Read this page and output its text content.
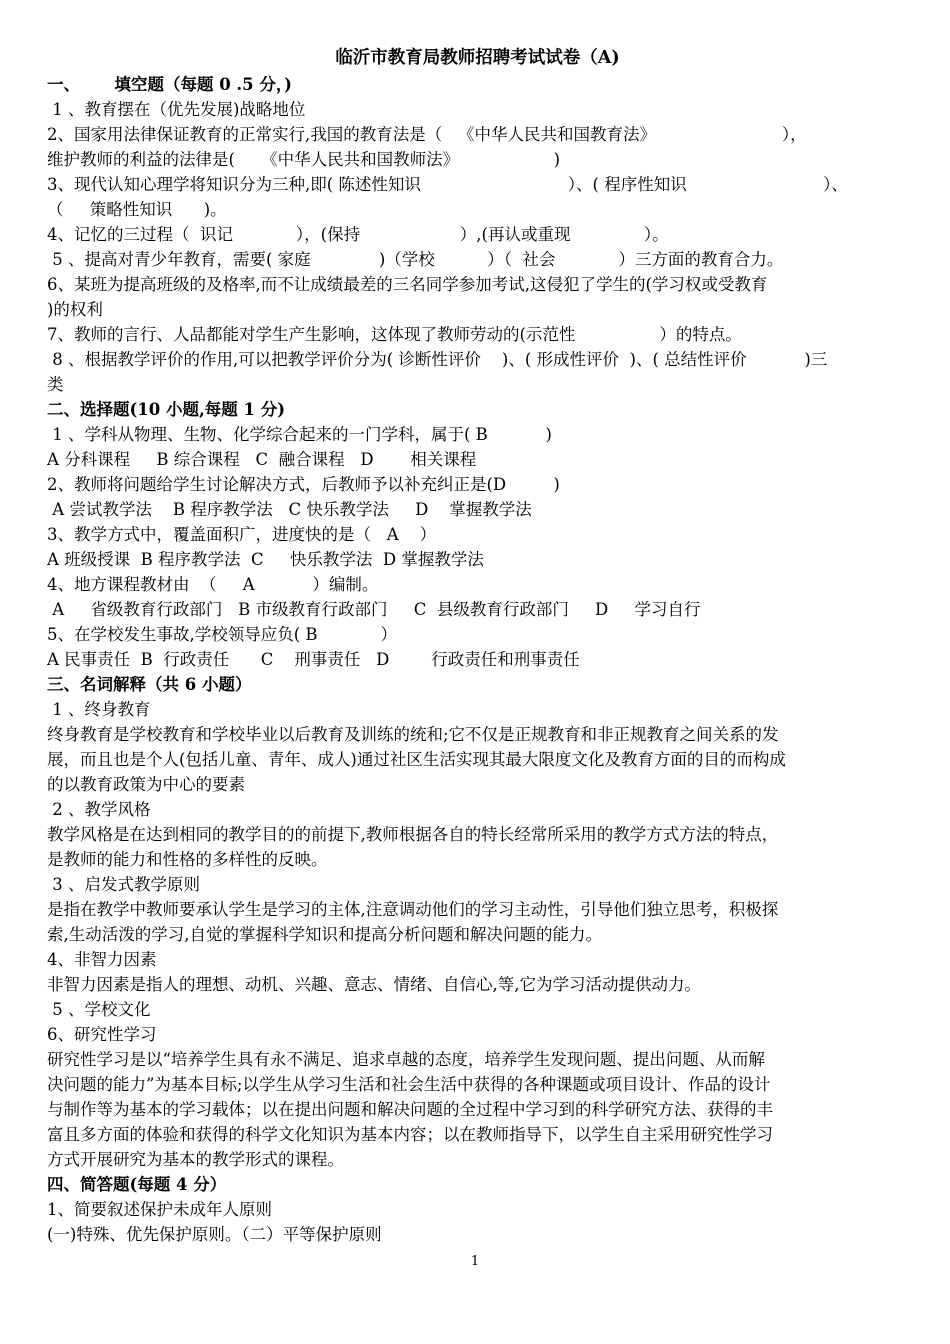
临沂市教育局教师招聘考试试卷（A)
一、      填空题（每题 0 .5 分，)
1 、教育摆在（优先发展)战略地位
2、国家用法律保证教育的正常实行,我国的教育法是（   《中华人民共和国教育法》                        ），
维护教师的利益的法律是(     《中华人民共和国教师法》                  )
3、现代认知心理学将知识分为三种,即( 陈述性知识                            ）、( 程序性知识                          ）、
（     策略性知识      )。
4、记忆的三过程（  识记            ），(保持                   ）,(再认或重现              ）。
5 、提高对青少年教育，需要( 家庭             )（学校          ）（  社会            ）三方面的教育合力。
6、某班为提高班级的及格率,而不让成绩最差的三名同学参加考试,这侵犯了学生的(学习权或受教育
)的权利
7、教师的言行、人品都能对学生产生影响，这体现了教师劳动的(示范性                ）的特点。
8 、根据教学评价的作用,可以把教学评价分为( 诊断性评价    )、( 形成性评价  )、( 总结性评价           )三
类
二、选择题(10 小题,每题 1 分)
1 、学科从物理、生物、化学综合起来的一门学科，属于( B           )
A 分科课程     B 综合课程   C  融合课程   D       相关课程
2、教师将问题给学生讨论解决方式，后教师予以补充纠正是(D         )
A 尝试教学法    B 程序教学法   C 快乐教学法     D    掌握教学法
3、教学方式中，覆盖面积广，进度快的是（   A    ）
A 班级授课  B 程序教学法  C     快乐教学法  D 掌握教学法
4、地方课程教材由  （     A           ）编制。
A     省级教育行政部门   B 市级教育行政部门     C  县级教育行政部门     D     学习自行
5、在学校发生事故,学校领导应负( B            ）
A 民事责任  B  行政责任      C    刑事责任   D        行政责任和刑事责任
三、名词解释（共 6 小题）
1 、终身教育
终身教育是学校教育和学校毕业以后教育及训练的统和;它不仅是正规教育和非正规教育之间关系的发
展，而且也是个人(包括儿童、青年、成人)通过社区生活实现其最大限度文化及教育方面的目的而构成
的以教育政策为中心的要素
2 、教学风格
教学风格是在达到相同的教学目的的前提下,教师根据各自的特长经常所采用的教学方式方法的特点，
是教师的能力和性格的多样性的反映。
3 、启发式教学原则
是指在教学中教师要承认学生是学习的主体,注意调动他们的学习主动性，引导他们独立思考，积极探
索,生动活泼的学习,自觉的掌握科学知识和提高分析问题和解决问题的能力。
4、非智力因素
非智力因素是指人的理想、动机、兴趣、意志、情绪、自信心,等,它为学习活动提供动力。
5 、学校文化
6、研究性学习
研究性学习是以“培养学生具有永不满足、追求卓越的态度，培养学生发现问题、提出问题、从而解
决问题的能力”为基本目标;以学生从学习生活和社会生活中获得的各种课题或项目设计、作品的设计
与制作等为基本的学习载体；以在提出问题和解决问题的全过程中学习到的科学研究方法、获得的丰
富且多方面的体验和获得的科学文化知识为基本内容；以在教师指导下，以学生自主采用研究性学习
方式开展研究为基本的教学形式的课程。
四、简答题(每题 4 分）
1、简要叙述保护未成年人原则
(一)特殊、优先保护原则。（二）平等保护原则
1
